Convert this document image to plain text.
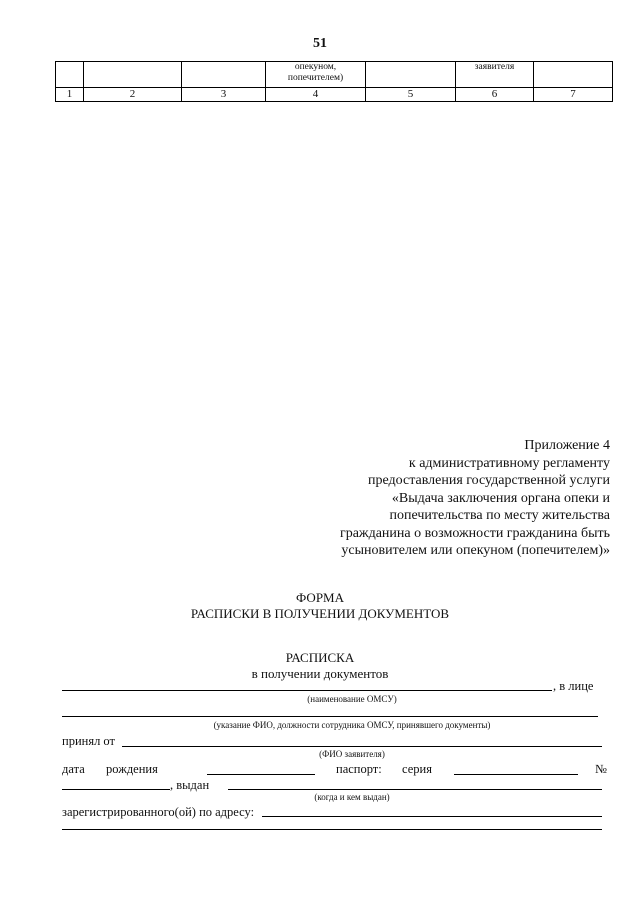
51
			опекуном, попечителем)		заявителя	
1	2	3	4	5	6	7
Приложение 4
к административному регламенту
предоставления государственной услуги
«Выдача заключения органа опеки и
попечительства по месту жительства
гражданина о возможности гражданина быть
усыновителем или опекуном (попечителем)»
ФОРМА
РАСПИСКИ В ПОЛУЧЕНИИ ДОКУМЕНТОВ
РАСПИСКА
в получении документов
, в лице
(наименование ОМСУ)
(указание ФИО, должности сотрудника ОМСУ, принявшего документы)
принял от
(ФИО заявителя)
дата рождения	паспорт: серия	№
, выдан
(когда и кем выдан)
зарегистрированного(ой) по адресу:
